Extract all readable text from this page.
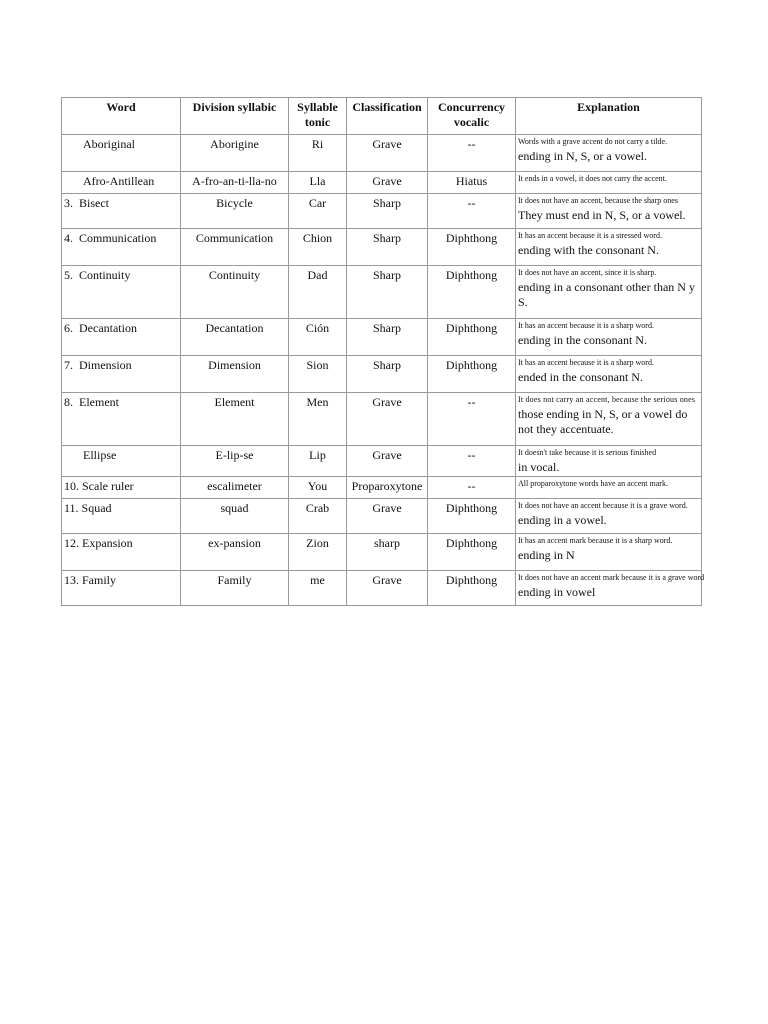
Word	Division syllabic	Syllable tonic	Classification	Concurrency vocalic	Explanation
Aboriginal	Aborigine	Ri	Grave	--	Words with a grave accent do not carry a tilde.
ending in N, S, or a vowel.

Afro-Antillean	A-fro-an-ti-lla-no	Lla	Grave	Hiatus	It ends in a vowel, it does not carry the accent.

3.  Bisect	Bicycle	Car	Sharp	--	It does not have an accent, because the sharp ones
They must end in N, S, or a vowel.

4.  Communication	Communication	Chion	Sharp	Diphthong	It has an accent because it is a stressed word.
ending with the consonant N.

5.  Continuity	Continuity	Dad	Sharp	Diphthong	It does not have an accent, since it is sharp.
ending in a consonant other than N y S.

6.  Decantation	Decantation	Ción	Sharp	Diphthong	It has an accent because it is a sharp word.
ending in the consonant N.

7.  Dimension	Dimension	Sion	Sharp	Diphthong	It has an accent because it is a sharp word.
ended in the consonant N.

8.  Element	Element	Men	Grave	--	It does not carry an accent, because the serious ones
those ending in N, S, or a vowel do not they accentuate.

Ellipse	E-lip-se	Lip	Grave	--	It doesn't take because it is serious finished
in vocal.

10. Scale ruler	escalimeter	You	Proparoxytone	--	All proparoxytone words have an accent mark.

11. Squad	squad	Crab	Grave	Diphthong	It does not have an accent because it is a grave word.
ending in a vowel.

12. Expansion	ex-pansion	Zion	sharp	Diphthong	It has an accent mark because it is a sharp word.
ending in N

13. Family	Family	me	Grave	Diphthong	It does not have an accent mark because it is a grave word
ending in vowel
